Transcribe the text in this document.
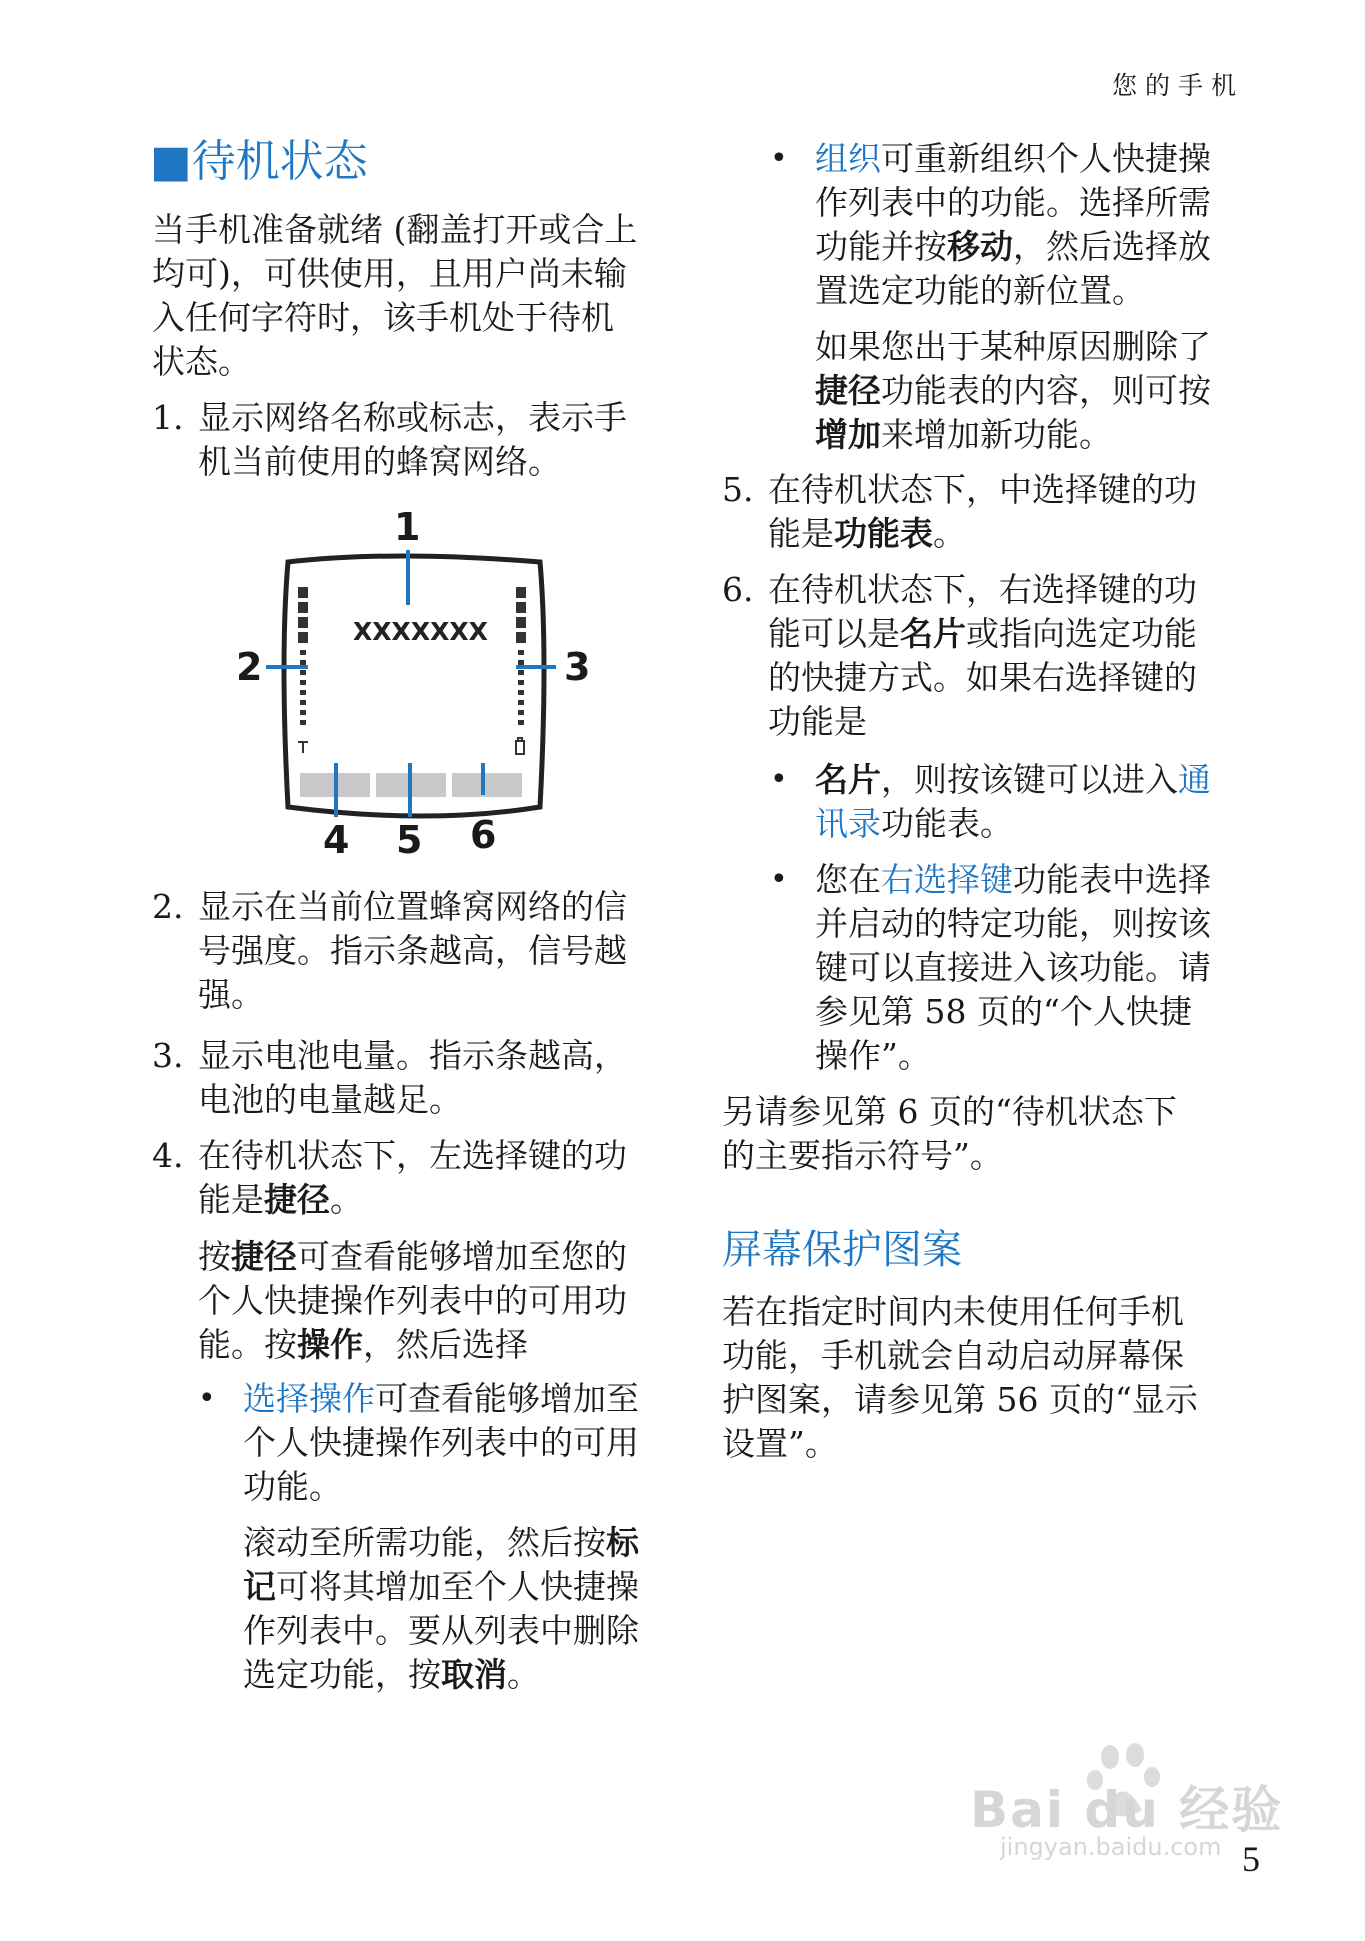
您的手机
■待机状态
当手机准备就绪 (翻盖打开或合上
均可)，可供使用，且用户尚未输
入任何字符时，该手机处于待机
状态。
1. 显示网络名称或标志，表示手
机当前使用的蜂窝网络。
XXXXXXX
1
2	3
4 5 6
2. 显示在当前位置蜂窝网络的信
号强度。指示条越高，信号越
强。
3. 显示电池电量。指示条越高，
电池的电量越足。
4. 在待机状态下，左选择键的功
能是捷径。
按捷径可查看能够增加至您的
个人快捷操作列表中的可用功
能。按操作，然后选择
• 选择操作可查看能够增加至
个人快捷操作列表中的可用
功能。
滚动至所需功能，然后按标
记可将其增加至个人快捷操
作列表中。要从列表中删除
选定功能，按取消。
• 组织可重新组织个人快捷操
作列表中的功能。选择所需
功能并按移动，然后选择放
置选定功能的新位置。
如果您出于某种原因删除了
捷径功能表的内容，则可按
增加来增加新功能。
5. 在待机状态下，中选择键的功
能是功能表。
6. 在待机状态下，右选择键的功
能可以是名片或指向选定功能
的快捷方式。如果右选择键的
功能是
• 名片，则按该键可以进入通
讯录功能表。
• 您在右选择键功能表中选择
并启动的特定功能，则按该
键可以直接进入该功能。请
参见第 58 页的“个人快捷
操作”。
另请参见第 6 页的“待机状态下
的主要指示符号”。
屏幕保护图案
若在指定时间内未使用任何手机
功能，手机就会自动启动屏幕保
护图案，请参见第 56 页的“显示
设置”。
Bai du 经验
jingyan.baidu.com 5
